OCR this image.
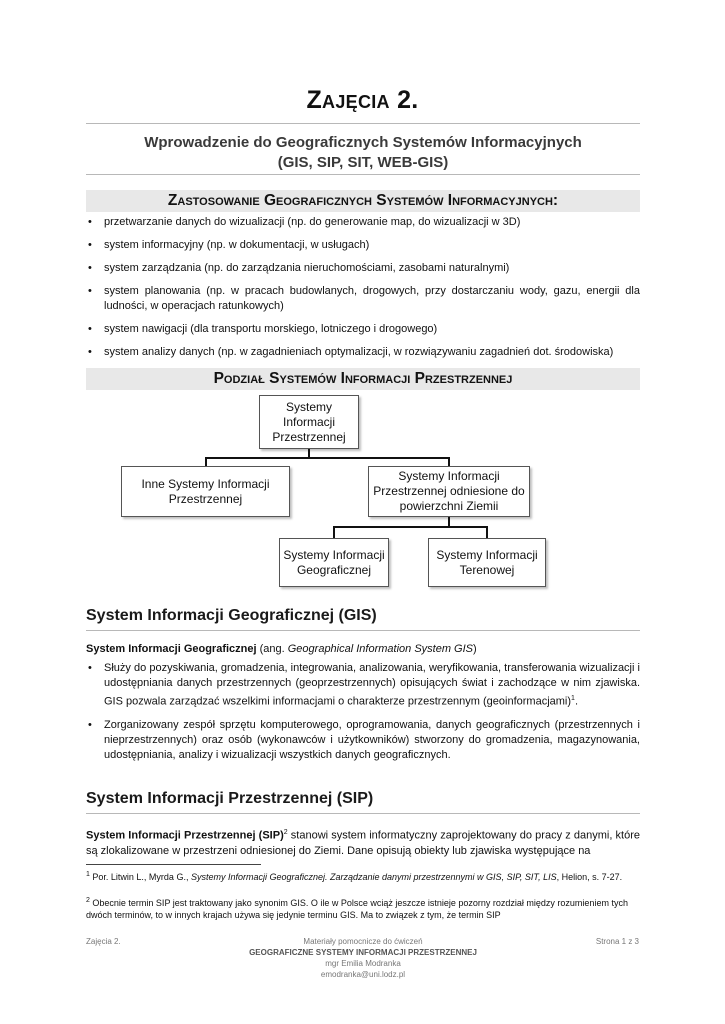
Zajęcia 2.
Wprowadzenie do Geograficznych Systemów Informacyjnych
(GIS, SIP, SIT, WEB-GIS)
Zastosowanie Geograficznych Systemów Informacyjnych:
• przetwarzanie danych do wizualizacji (np. do generowanie map, do wizualizacji w 3D)
• system informacyjny (np. w dokumentacji, w usługach)
• system zarządzania (np. do zarządzania nieruchomościami, zasobami naturalnymi)
• system planowania (np. w pracach budowlanych, drogowych, przy dostarczaniu wody, gazu, energii dla ludności, w operacjach ratunkowych)
• system nawigacji (dla transportu morskiego, lotniczego i drogowego)
• system analizy danych (np. w zagadnieniach optymalizacji, w rozwiązywaniu zagadnień dot. środowiska)
Podział Systemów Informacji Przestrzennej
Systemy
Informacji
Przestrzennej
Inne Systemy Informacji
Przestrzennej
Systemy Informacji
Przestrzennej odniesione do
powierzchni Ziemii
Systemy Informacji
Geograficznej
Systemy Informacji
Terenowej
System Informacji Geograficznej (GIS)
System Informacji Geograficznej (ang. Geographical Information System GIS)
• Służy do pozyskiwania, gromadzenia, integrowania, analizowania, weryfikowania, transferowania wizualizacji i udostępniania danych przestrzennych (geoprzestrzennych) opisujących świat i zachodzące w nim zjawiska. GIS pozwala zarządzać wszelkimi informacjami o charakterze przestrzennym (geoinformacjami)$^1$.
• Zorganizowany zespół sprzętu komputerowego, oprogramowania, danych geograficznych (przestrzennych i nieprzestrzennych) oraz osób (wykonawców i użytkowników) stworzony do gromadzenia, magazynowania, udostępniania, analizy i wizualizacji wszystkich danych geograficznych.
System Informacji Przestrzennej (SIP)
System Informacji Przestrzennej (SIP)$^2$ stanowi system informatyczny zaprojektowany do pracy z danymi, które są zlokalizowane w przestrzeni odniesionej do Ziemi. Dane opisują obiekty lub zjawiska występujące na
$^1$ Por. Litwin L., Myrda G., Systemy Informacji Geograficznej. Zarządzanie danymi przestrzennymi w GIS, SIP, SIT, LIS, Helion, s. 7-27.
$^2$ Obecnie termin SIP jest traktowany jako synonim GIS. O ile w Polsce wciąż jeszcze istnieje pozorny rozdział między rozumieniem tych dwóch terminów, to w innych krajach używa się jedynie terminu GIS. Ma to związek z tym, że termin SIP
Zajęcia 2.	Materiały pomocnicze do ćwiczeń
GEOGRAFICZNE SYSTEMY INFORMACJI PRZESTRZENNEJ
mgr Emilia Modranka
emodranka@uni.lodz.pl
Strona 1 z 3
